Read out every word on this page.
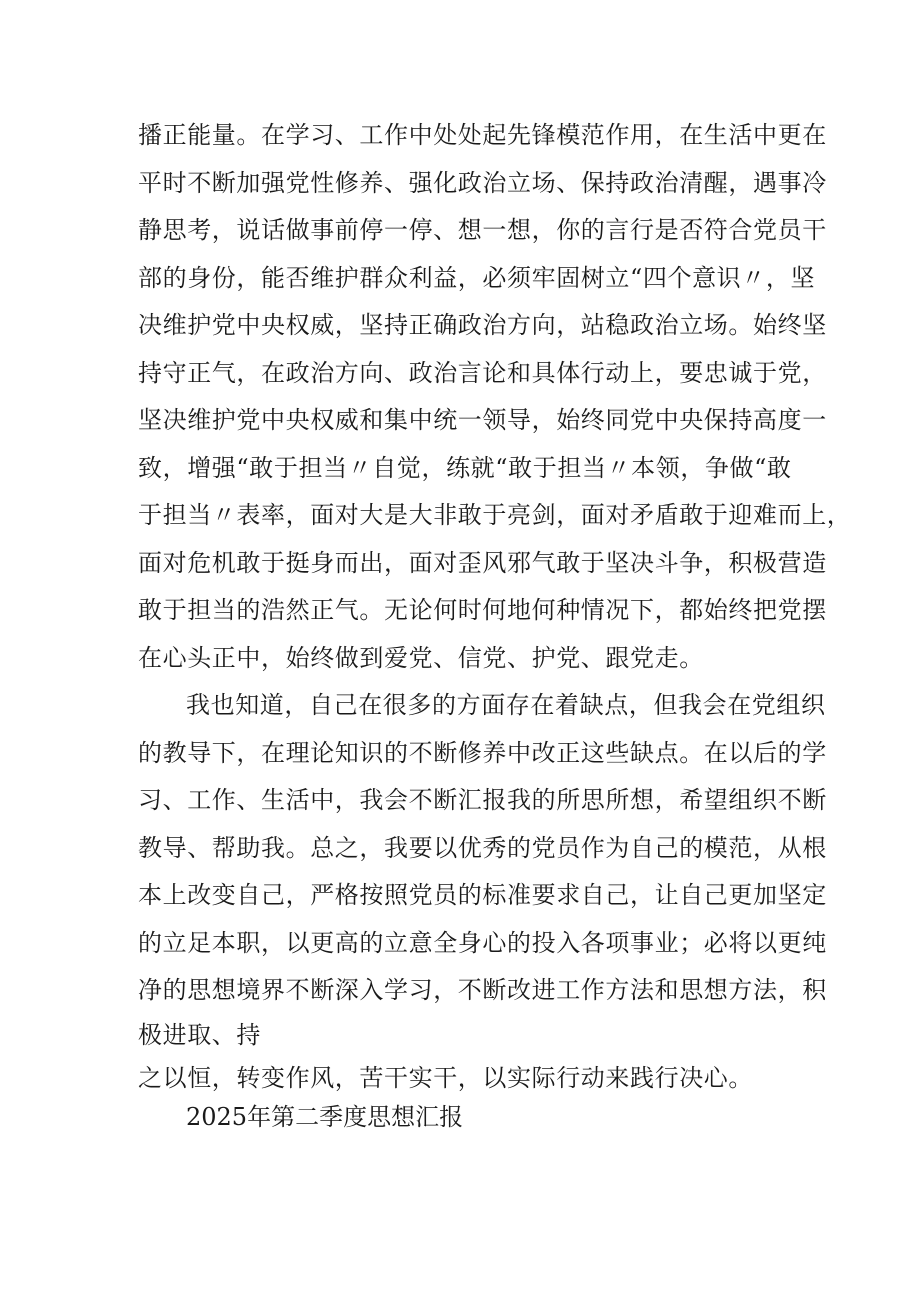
播正能量。在学习、工作中处处起先锋模范作用，在生活中更在
平时不断加强党性修养、强化政治立场、保持政治清醒，遇事冷
静思考，说话做事前停一停、想一想，你的言行是否符合党员干
部的身份，能否维护群众利益，必须牢固树立“四个意识〃，坚
决维护党中央权威，坚持正确政治方向，站稳政治立场。始终坚
持守正气，在政治方向、政治言论和具体行动上，要忠诚于党，
坚决维护党中央权威和集中统一领导，始终同党中央保持高度一
致，增强“敢于担当〃自觉，练就“敢于担当〃本领，争做“敢
于担当〃表率，面对大是大非敢于亮剑，面对矛盾敢于迎难而上，
面对危机敢于挺身而出，面对歪风邪气敢于坚决斗争，积极营造
敢于担当的浩然正气。无论何时何地何种情况下，都始终把党摆
在心头正中，始终做到爱党、信党、护党、跟党走。
我也知道，自己在很多的方面存在着缺点，但我会在党组织
的教导下，在理论知识的不断修养中改正这些缺点。在以后的学
习、工作、生活中，我会不断汇报我的所思所想，希望组织不断
教导、帮助我。总之，我要以优秀的党员作为自己的模范，从根
本上改变自己，严格按照党员的标准要求自己，让自己更加坚定
的立足本职，以更高的立意全身心的投入各项事业；必将以更纯
净的思想境界不断深入学习，不断改进工作方法和思想方法，积
极进取、持
之以恒，转变作风，苦干实干，以实际行动来践行决心。
2025年第二季度思想汇报
